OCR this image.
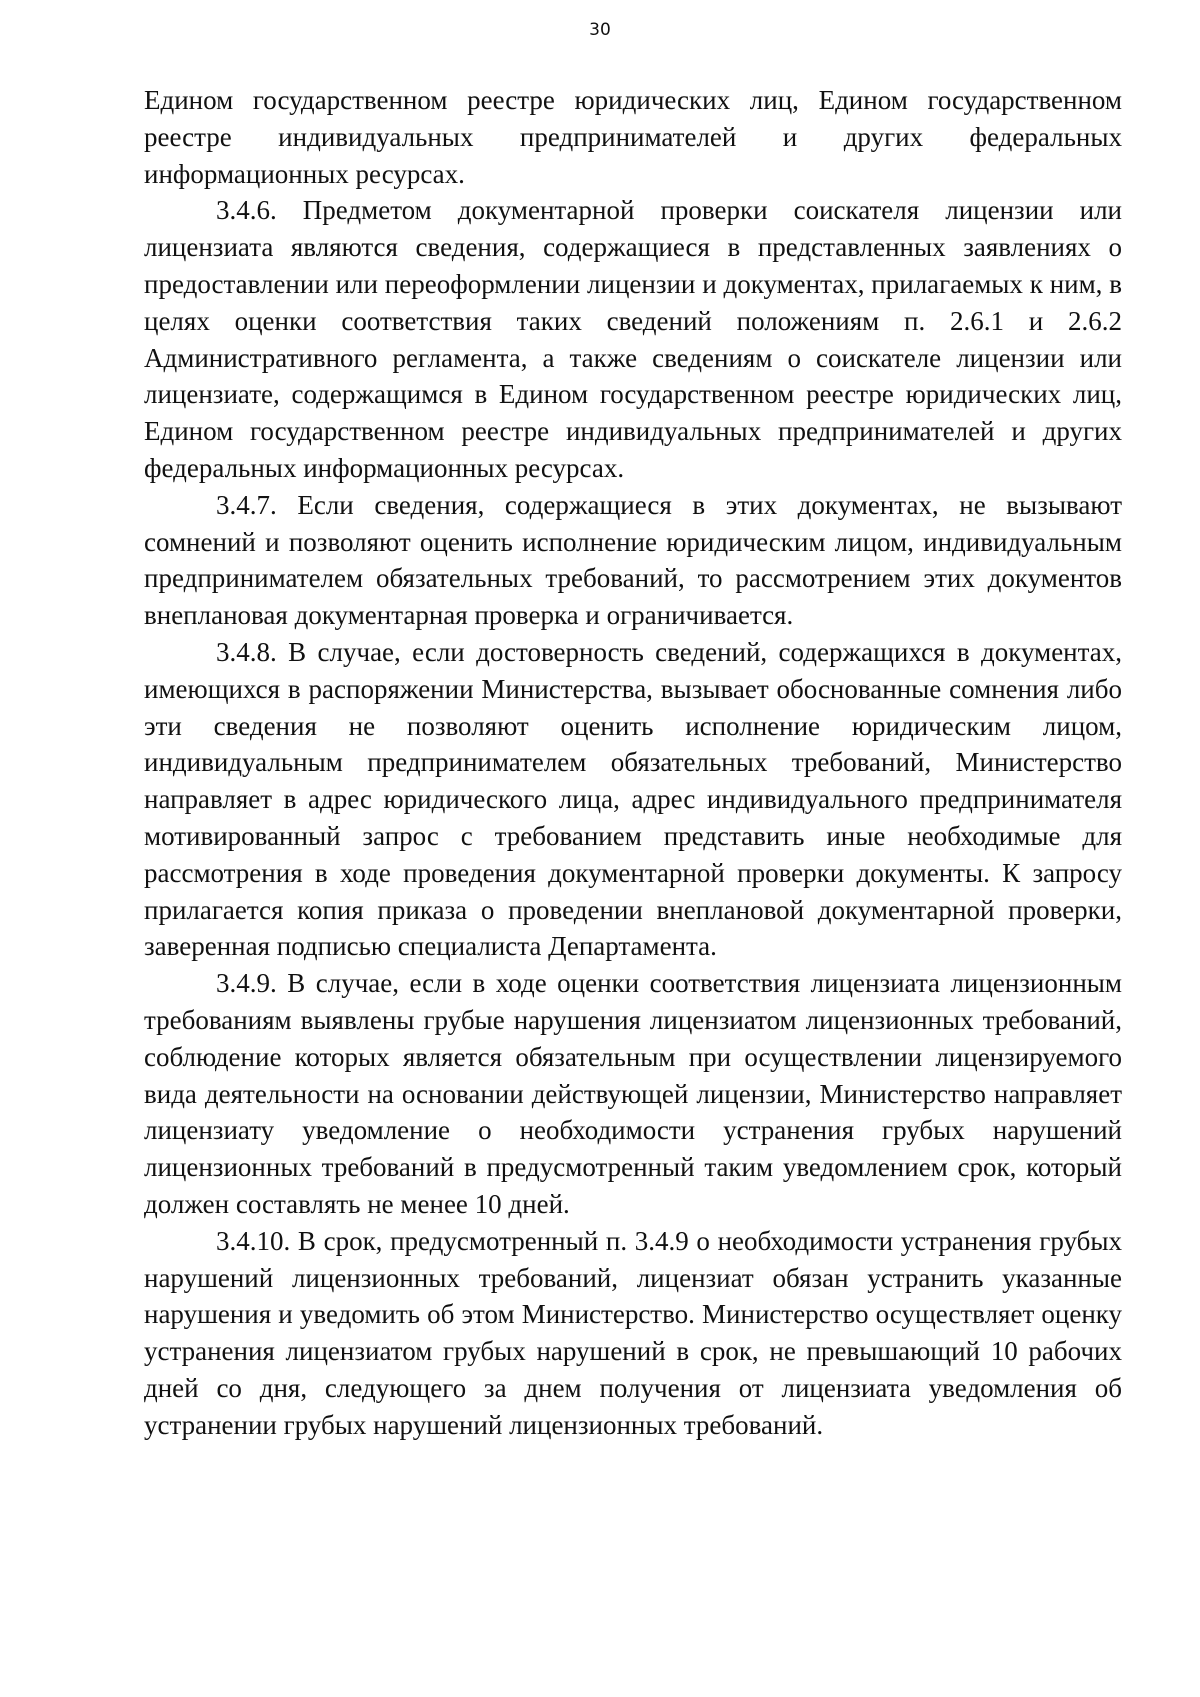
30

Едином государственном реестре юридических лиц, Едином государственном реестре индивидуальных предпринимателей и других федеральных информационных ресурсах.

3.4.6. Предметом документарной проверки соискателя лицензии или лицензиата являются сведения, содержащиеся в представленных заявлениях о предоставлении или переоформлении лицензии и документах, прилагаемых к ним, в целях оценки соответствия таких сведений положениям п. 2.6.1 и 2.6.2 Административного регламента, а также сведениям о соискателе лицензии или лицензиате, содержащимся в Едином государственном реестре юридических лиц, Едином государственном реестре индивидуальных предпринимателей и других федеральных информационных ресурсах.

3.4.7. Если сведения, содержащиеся в этих документах, не вызывают сомнений и позволяют оценить исполнение юридическим лицом, индивидуальным предпринимателем обязательных требований, то рассмотрением этих документов внеплановая документарная проверка и ограничивается.

3.4.8. В случае, если достоверность сведений, содержащихся в документах, имеющихся в распоряжении Министерства, вызывает обоснованные сомнения либо эти сведения не позволяют оценить исполнение юридическим лицом, индивидуальным предпринимателем обязательных требований, Министерство направляет в адрес юридического лица, адрес индивидуального предпринимателя мотивированный запрос с требованием представить иные необходимые для рассмотрения в ходе проведения документарной проверки документы. К запросу прилагается копия приказа о проведении внеплановой документарной проверки, заверенная подписью специалиста Департамента.

3.4.9. В случае, если в ходе оценки соответствия лицензиата лицензионным требованиям выявлены грубые нарушения лицензиатом лицензионных требований, соблюдение которых является обязательным при осуществлении лицензируемого вида деятельности на основании действующей лицензии, Министерство направляет лицензиату уведомление о необходимости устранения грубых нарушений лицензионных требований в предусмотренный таким уведомлением срок, который должен составлять не менее 10 дней.

3.4.10. В срок, предусмотренный п. 3.4.9 о необходимости устранения грубых нарушений лицензионных требований, лицензиат обязан устранить указанные нарушения и уведомить об этом Министерство. Министерство осуществляет оценку устранения лицензиатом грубых нарушений в срок, не превышающий 10 рабочих дней со дня, следующего за днем получения от лицензиата уведомления об устранении грубых нарушений лицензионных требований.
